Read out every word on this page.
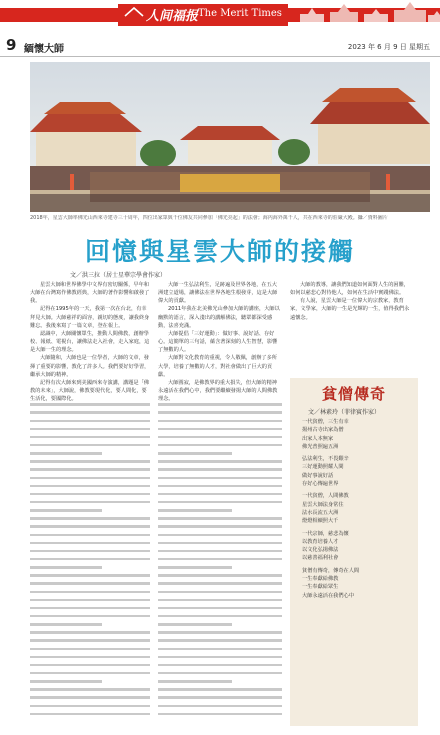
人间福报 The Merit Times
9 緬懷大師	2023 年 6 月 9 日 星期五
2018年，星雲大師率佛光山西來寺建寺三十周年，四位出家眾與千位佛友共同參加「佛光亮起」的法會；海內海外萬千人，共在西來寺的莊嚴大殿。攝／資料圖片
回憶與星雲大師的接觸
文／洪三拉（居士星華宗學會作家）

星雲大師和世界佛學中文界有密切關係，早年和大師在台灣寫作佛教經典，大師的著作影響和啟發了我。

記得在1995年的一天，我第一次在台北，有幸拜見大師。大師慈祥的面容，親切的態度，讓我終身難忘。我後來寫了一篇文章，登在報上。

認識中，大師關懷眾生，推動人間佛教，創辦學校、報紙、電視台，讓佛法走入社會，走入家庭，這是大師一生的理念。

大師隨和，大師也是一位學者，大師的文章，發揮了重要的影響，教化了許多人。我們要好好學習，繼承大師的精神。

記得有次大師來到美國西來寺演講，講題是「佛教的未來」，大師說，佛教要現代化，要人間化，要生活化，要國際化。

大師一生弘法利生，足跡遍及世界各地，在五大洲建立道場，讓佛法在世界各地生根發芽，這是大師偉大的貢獻。

2011年我在北美佛光山參加大師的講座，大師以幽默的語言，深入淺出的講解佛法，聽眾都深受感動，法喜充滿。

大師提倡「三好運動」：做好事、說好話、存好心。這簡單的三句話，蘊含著深刻的人生智慧，影響了無數的人。

大師對文化教育的重視，令人敬佩，創辦了多所大學，培養了無數的人才，對社會做出了巨大的貢獻。

大師圓寂，是佛教界的重大損失，但大師的精神永遠活在我們心中，我們要繼續發揚大師的人間佛教理念。

大師的教導，讓我們知道如何面對人生的困難，如何以慈悲心對待他人，如何在生活中實踐佛法。

有人說，星雲大師是一位偉大的宗教家，教育家，文學家，大師的一生是光輝的一生，值得我們永遠懷念。

貧僧傳奇
文／林素玲（菲律賓作家）
一代貧僧，三生有幸
揚州古寺出家為僧
出家人本無家
佛光普照遍五洲
弘法利生，不畏艱辛
三好運動照耀人間
做好事說好話
存好心傳遍世界
一代貧僧，人間佛教
星雲大師法身常住
法水長流五大洲
燈燈相續照大千
一代宗師，慈悲為懷
以教育培養人才
以文化弘揚佛法
以慈善福利社會
貧僧有傳奇，傳奇在人間
一生奉獻給佛教
一生奉獻給眾生
大師永遠活在我們心中
